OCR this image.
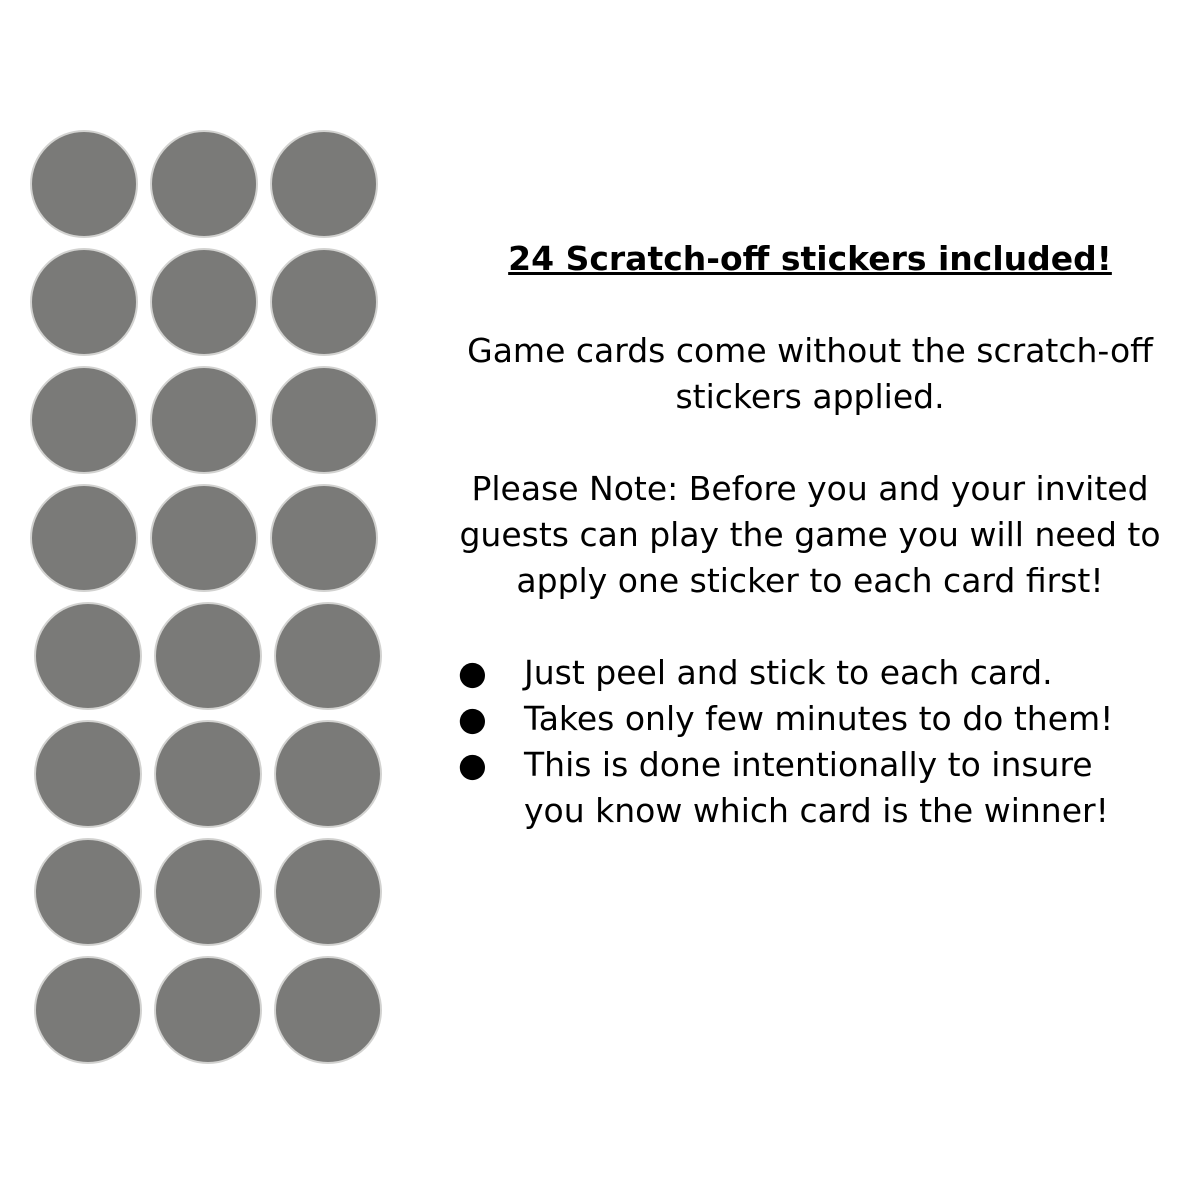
24 Scratch-off stickers included!
Game cards come without the scratch-off
stickers applied.
Please Note: Before you and your invited
guests can play the game you will need to
apply one sticker to each card first!
● Just peel and stick to each card.
● Takes only few minutes to do them!
● This is done intentionally to insure
you know which card is the winner!
